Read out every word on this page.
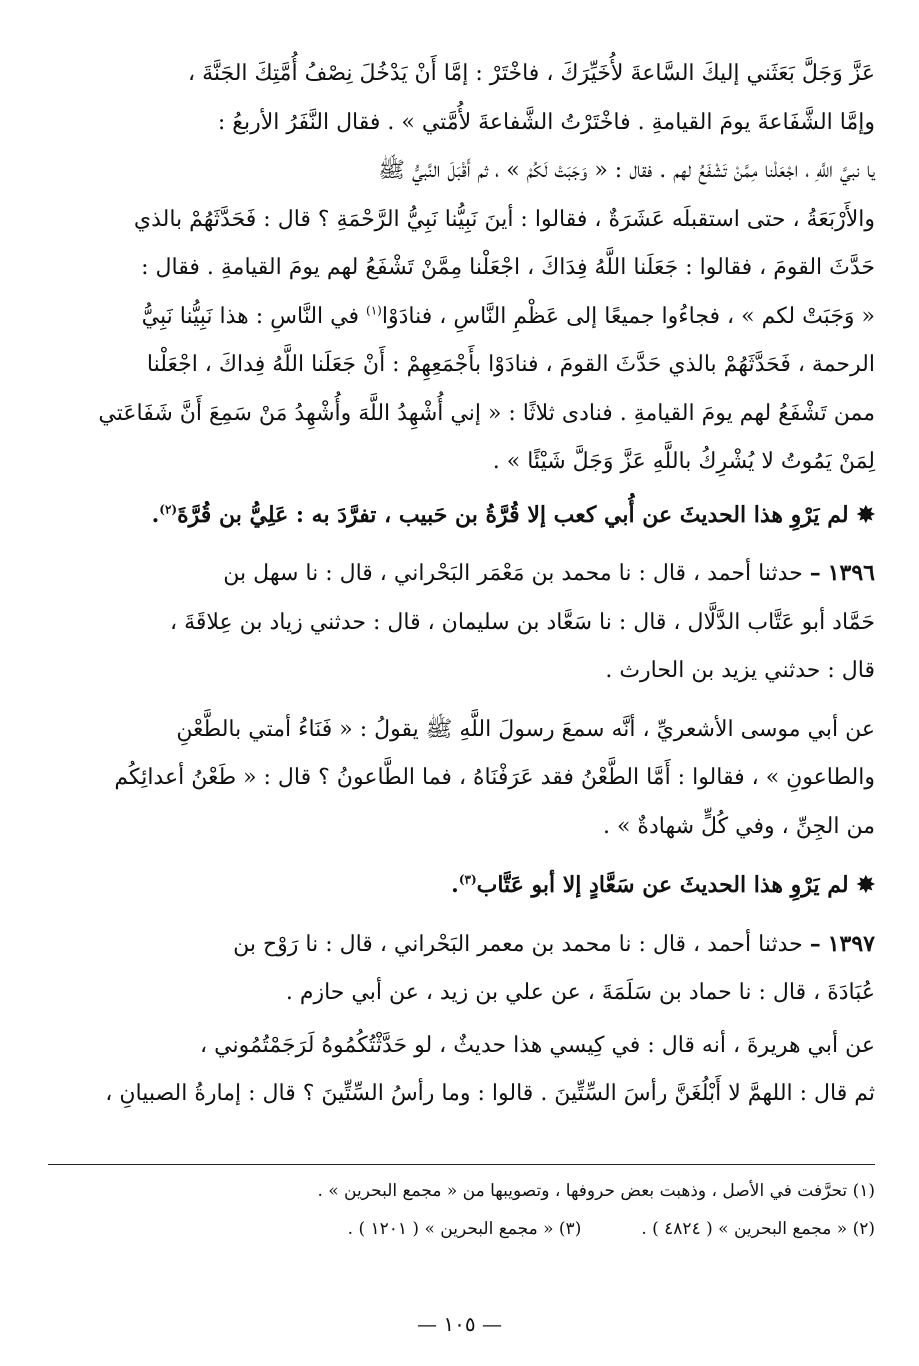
عَزَّ وَجَلَّ بَعَثَني إليكَ السَّاعةَ لأُخَيِّرَكَ ، فاخْتَرْ : إمَّا أَنْ يَدْخُلَ نِصْفُ أُمَّتِكَ الجَنَّةَ ،

وإمَّا الشَّفَاعةَ يومَ القيامةِ . فاخْتَرْتُ الشَّفاعةَ لأُمَّتي » . فقال النَّفَرُ الأربعُ :

يا نبيَّ اللَّهِ ، اجْعَلْنا مِمَّنْ تَشْفَعُ لهم . فقال : « وَجَبَتْ لَكُمْ » ، ثم أَقْبَلَ النَّبيُّ ﷺ

والأَرْبَعَةُ ، حتى استقبلَه عَشَرَةٌ ، فقالوا : أينَ نَبِيُّنا نَبِيُّ الرَّحْمَةِ ؟ قال : فَحَدَّثَهُمْ بالذي

حَدَّثَ القومَ ، فقالوا : جَعَلَنا اللَّهُ فِدَاكَ ، اجْعَلْنا مِمَّنْ تَشْفَعُ لهم يومَ القيامةِ . فقال :

« وَجَبَتْ لكم » ، فجاءُوا جميعًا إلى عَظْمِ النَّاسِ ، فنادَوْا$^{(١)}$ في النَّاسِ : هذا نَبِيُّنا نَبِيُّ

الرحمة ، فَحَدَّثَهُمْ بالذي حَدَّثَ القومَ ، فنادَوْا بأَجْمَعِهِمْ : أَنْ جَعَلَنا اللَّهُ فِداكَ ، اجْعَلْنا

ممن تَشْفَعُ لهم يومَ القيامةِ . فنادى ثلاثًا : « إني أُشْهِدُ اللَّهَ وأُشْهِدُ مَنْ سَمِعَ أَنَّ شَفَاعَتي

لِمَنْ يَمُوتُ لا يُشْرِكُ باللَّهِ عَزَّ وَجَلَّ شَيْئًا » .

✸لم يَرْوِ هذا الحديثَ عن أُبي كعب إلا قُرَّةُ بن حَبيب ، تفرَّدَ به : عَلِيُّ بن قُرَّةَ$^{(٢)}$.

١٣٩٦ – حدثنا أحمد ، قال : نا محمد بن مَعْمَر البَحْراني ، قال : نا سهل بن

حَمَّاد أبو عَتَّاب الدَّلَّال ، قال : نا سَعَّاد بن سليمان ، قال : حدثني زياد بن عِلاقَةَ ،

قال : حدثني يزيد بن الحارث .

عن أبي موسى الأشعريِّ ، أنَّه سمعَ رسولَ اللَّهِ ﷺ يقولُ : « فَنَاءُ أمتي بالطَّعْنِ

والطاعونِ » ، فقالوا : أَمَّا الطَّعْنُ فقد عَرَفْنَاهُ ، فما الطَّاعونُ ؟ قال : « طَعْنُ أعدائِكُم

من الجِنِّ ، وفي كُلٍّ شهادةٌ » .

✸لم يَرْوِ هذا الحديثَ عن سَعَّادٍ إلا أبو عَتَّاب$^{(٣)}$.

١٣٩٧ – حدثنا أحمد ، قال : نا محمد بن معمر البَحْراني ، قال : نا رَوْح بن

عُبَادَةَ ، قال : نا حماد بن سَلَمَةَ ، عن علي بن زيد ، عن أبي حازم .

عن أبي هريرةَ ، أنه قال : في كِيسي هذا حديثٌ ، لو حَدَّثْتُكُمُوهُ لَرَجَمْتُمُوني ،

ثم قال : اللهمَّ لا أَبْلُغَنَّ رأسَ السِّتِّينَ . قالوا : وما رأسُ السِّتِّينَ ؟ قال : إمارةُ الصبيانِ ،

(١) تحرَّفت في الأصل ، وذهبت بعض حروفها ، وتصويبها من « مجمع البحرين » .

(٢) « مجمع البحرين » ( ٤٨٢٤ ) .
(٣) « مجمع البحرين » ( ١٢٠١ ) .
— ١٠٥ —
